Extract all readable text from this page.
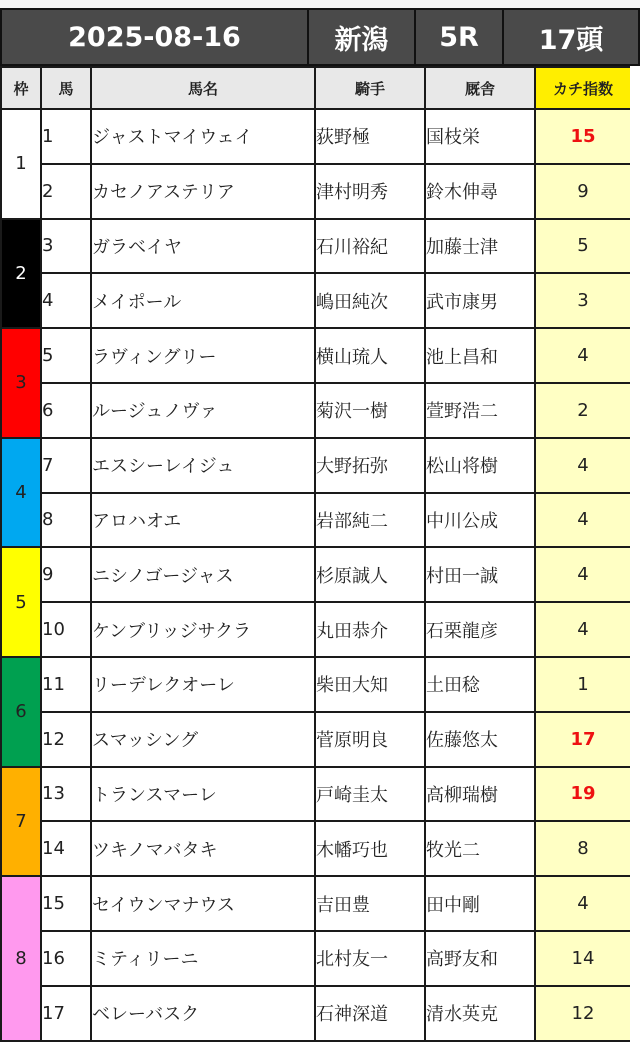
2025-08-16	新潟	5R	17頭
枠	馬	馬名	騎手	厩舎	カチ指数
1	1	ジャストマイウェイ	荻野極	国枝栄	15
	2	カセノアステリア	津村明秀	鈴木伸尋	9
2	3	ガラベイヤ	石川裕紀	加藤士津	5
	4	メイポール	嶋田純次	武市康男	3
3	5	ラヴィングリー	横山琉人	池上昌和	4
	6	ルージュノヴァ	菊沢一樹	萱野浩二	2
4	7	エスシーレイジュ	大野拓弥	松山将樹	4
	8	アロハオエ	岩部純二	中川公成	4
5	9	ニシノゴージャス	杉原誠人	村田一誠	4
	10	ケンブリッジサクラ	丸田恭介	石栗龍彦	4
6	11	リーデレクオーレ	柴田大知	土田稔	1
	12	スマッシング	菅原明良	佐藤悠太	17
7	13	トランスマーレ	戸崎圭太	高柳瑞樹	19
	14	ツキノマバタキ	木幡巧也	牧光二	8
8	15	セイウンマナウス	吉田豊	田中剛	4
	16	ミティリーニ	北村友一	高野友和	14
	17	ベレーバスク	石神深道	清水英克	12
